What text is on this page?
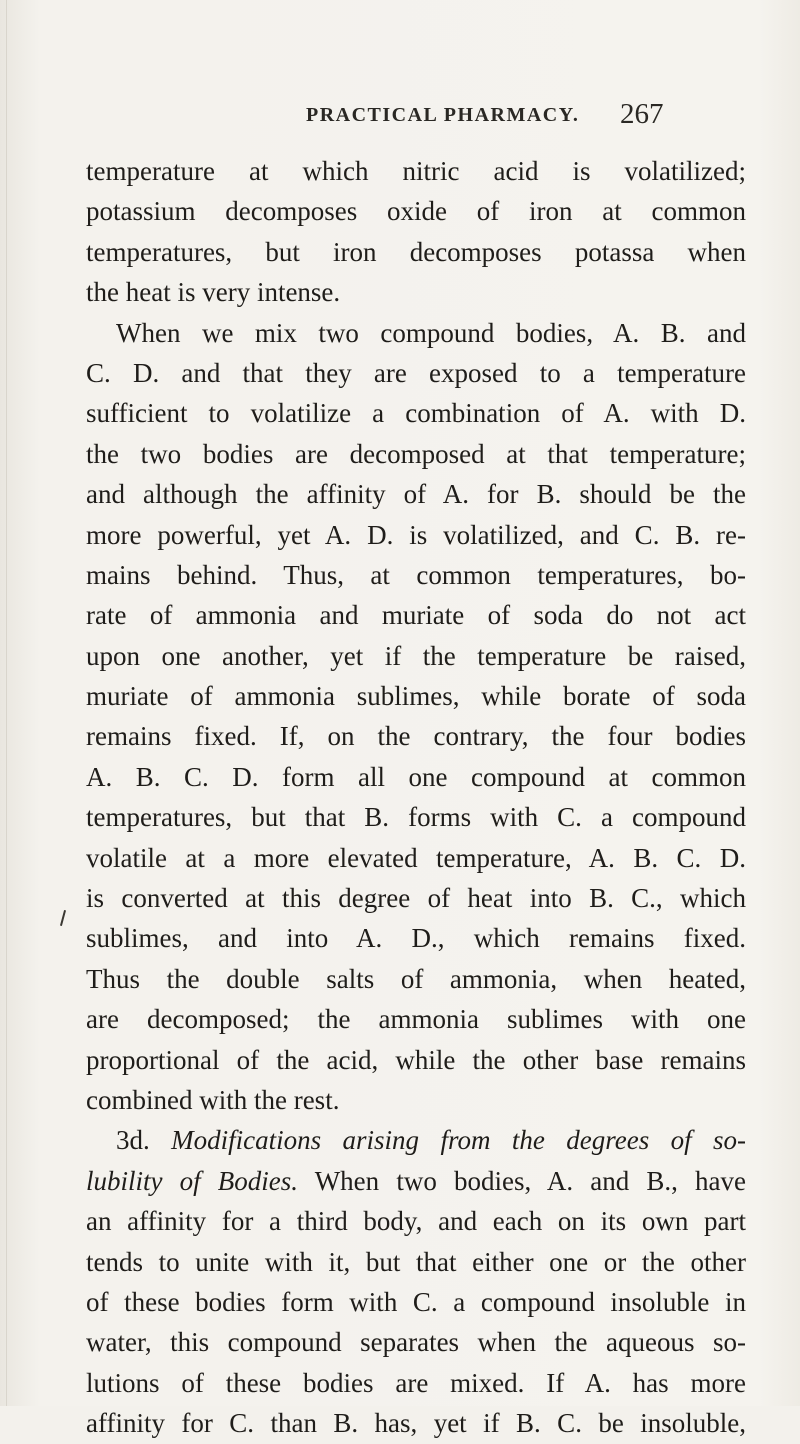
PRACTICAL PHARMACY. 267
temperature at which nitric acid is volatilized;
potassium decomposes oxide of iron at common
temperatures, but iron decomposes potassa when
the heat is very intense.
When we mix two compound bodies, A. B. and
C. D. and that they are exposed to a temperature
sufficient to volatilize a combination of A. with D.
the two bodies are decomposed at that temperature;
and although the affinity of A. for B. should be the
more powerful, yet A. D. is volatilized, and C. B. re-
mains behind. Thus, at common temperatures, bo-
rate of ammonia and muriate of soda do not act
upon one another, yet if the temperature be raised,
muriate of ammonia sublimes, while borate of soda
remains fixed. If, on the contrary, the four bodies
A. B. C. D. form all one compound at common
temperatures, but that B. forms with C. a compound
volatile at a more elevated temperature, A. B. C. D.
is converted at this degree of heat into B. C., which
sublimes, and into A. D., which remains fixed.
Thus the double salts of ammonia, when heated,
are decomposed; the ammonia sublimes with one
proportional of the acid, while the other base remains
combined with the rest.
3d. Modifications arising from the degrees of so-
lubility of Bodies. When two bodies, A. and B., have
an affinity for a third body, and each on its own part
tends to unite with it, but that either one or the other
of these bodies form with C. a compound insoluble in
water, this compound separates when the aqueous so-
lutions of these bodies are mixed. If A. has more
affinity for C. than B. has, yet if B. C. be insoluble,
